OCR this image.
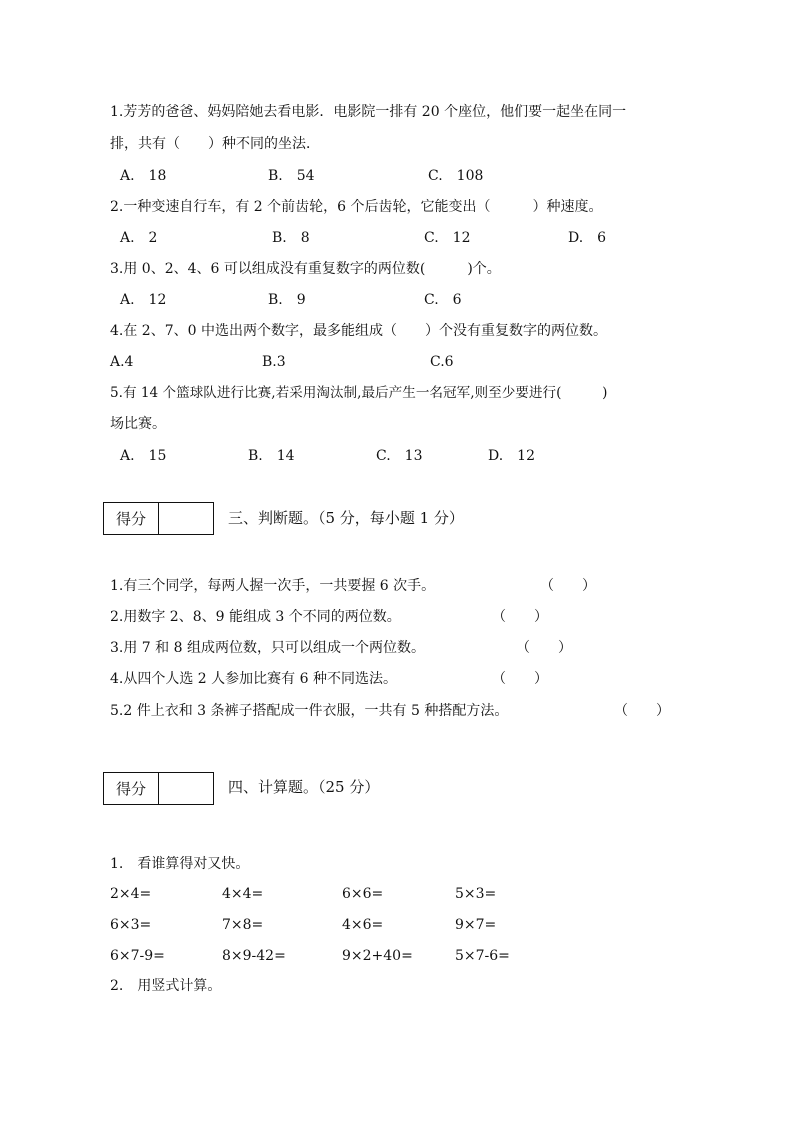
1.芳芳的爸爸、妈妈陪她去看电影．电影院一排有 20 个座位，他们要一起坐在同一
排，共有（　　）种不同的坐法．
A.　18	B.　54	C.　108
2.一种变速自行车，有 2 个前齿轮，6 个后齿轮，它能变出（　　　）种速度。
A.　2	B.　8	C.　12	D.　6
3.用 0、2、4、6 可以组成没有重复数字的两位数(　　　)个。
A.　12	B.　9	C.　6
4.在 2、7、0 中选出两个数字，最多能组成（　　）个没有重复数字的两位数。
A.4	B.3	C.6
5.有 14 个篮球队进行比赛,若采用淘汰制,最后产生一名冠军,则至少要进行(　　　)
场比赛。
A.　15	B.　14	C.　13	D.　12
得分	三、判断题。（5 分，每小题 1 分）
1.有三个同学，每两人握一次手，一共要握 6 次手。	（　　）
2.用数字 2、8、9 能组成 3 个不同的两位数。	（　　）
3.用 7 和 8 组成两位数，只可以组成一个两位数。	（　　）
4.从四个人选 2 人参加比赛有 6 种不同选法。	（　　）
5.2 件上衣和 3 条裤子搭配成一件衣服，一共有 5 种搭配方法。	（　　）
得分	四、计算题。（25 分）
1.　看谁算得对又快。
2×4=	4×4=	6×6=	5×3=
6×3=	7×8=	4×6=	9×7=
6×7-9=	8×9-42=	9×2+40=	5×7-6=
2.　用竖式计算。
